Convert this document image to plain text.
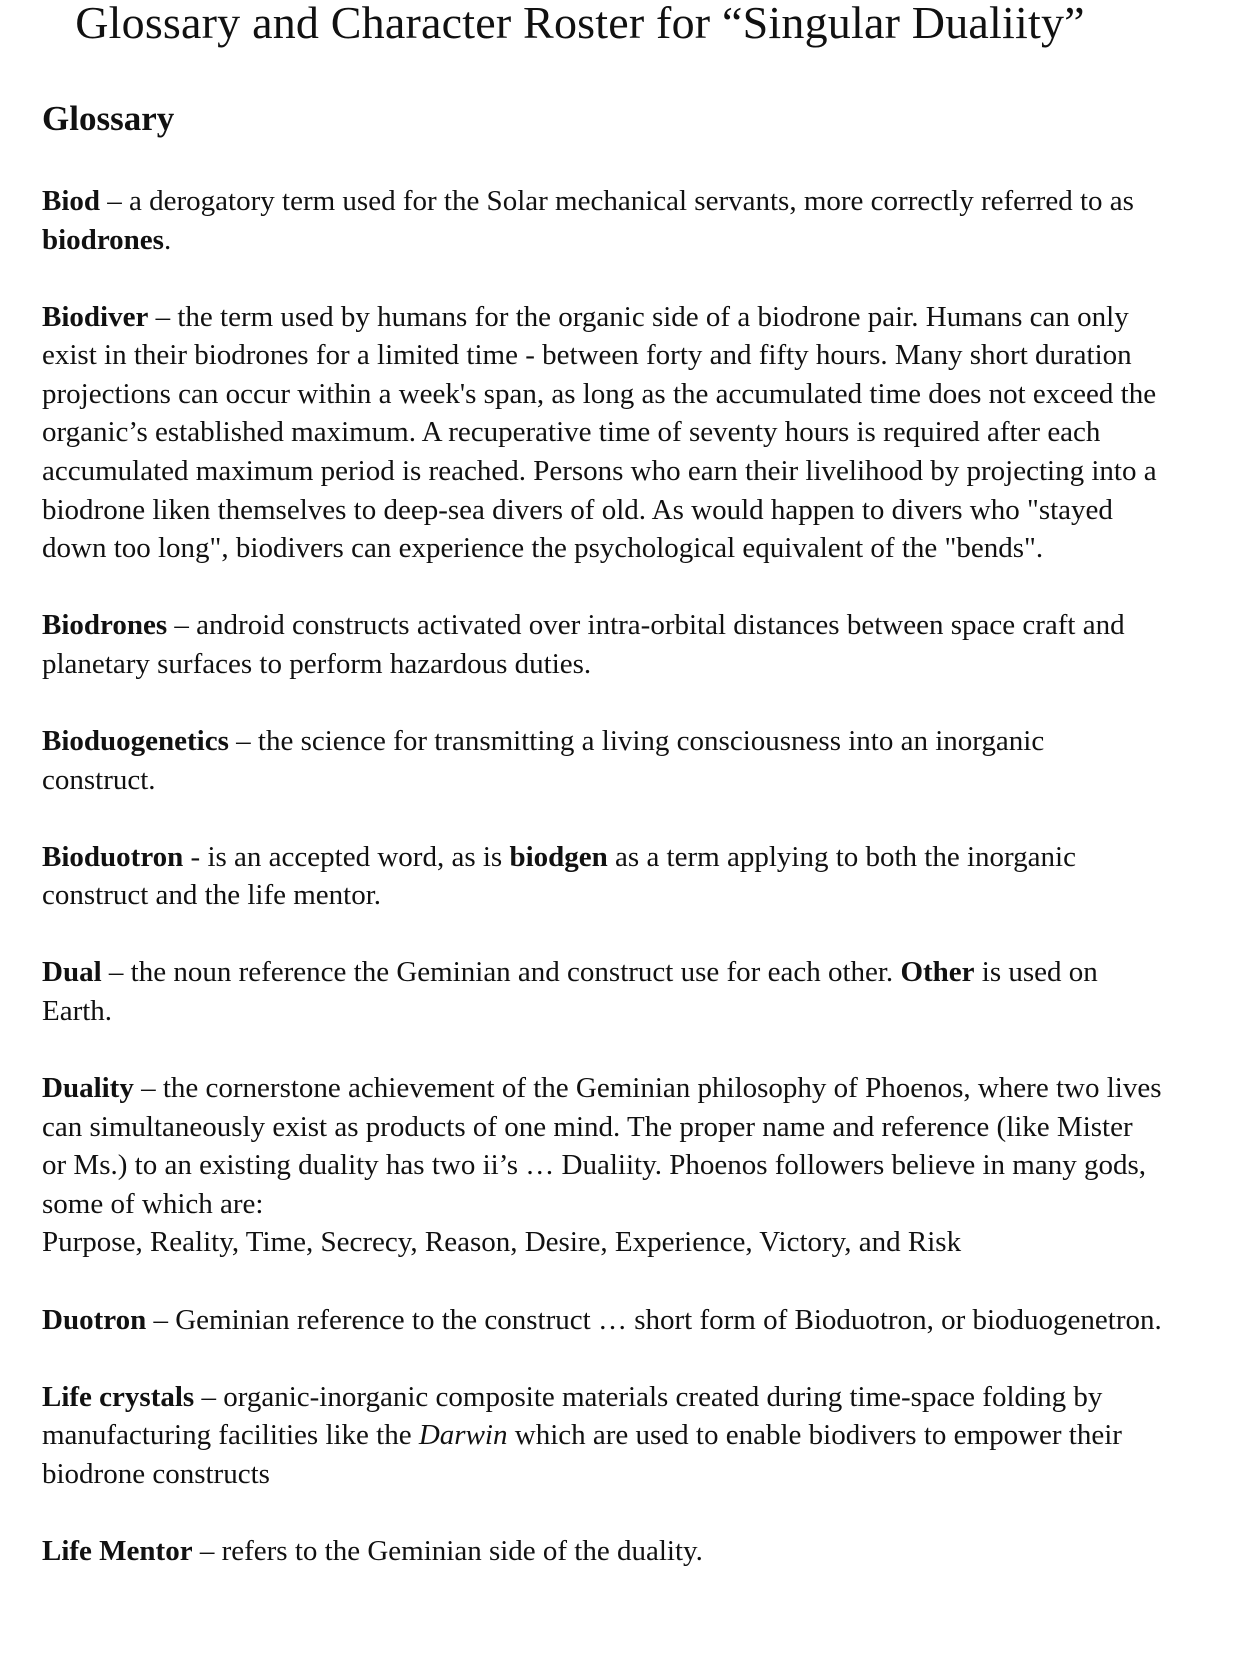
Glossary and Character Roster for “Singular Dualiity”
Glossary

Biod – a derogatory term used for the Solar mechanical servants, more correctly referred to as biodrones.

Biodiver – the term used by humans for the organic side of a biodrone pair. Humans can only exist in their biodrones for a limited time - between forty and fifty hours. Many short duration projections can occur within a week's span, as long as the accumulated time does not exceed the organic’s established maximum. A recuperative time of seventy hours is required after each accumulated maximum period is reached. Persons who earn their livelihood by projecting into a biodrone liken themselves to deep-sea divers of old. As would happen to divers who "stayed down too long", biodivers can experience the psychological equivalent of the "bends".

Biodrones – android constructs activated over intra-orbital distances between space craft and planetary surfaces to perform hazardous duties.

Bioduogenetics – the science for transmitting a living consciousness into an inorganic construct.

Bioduotron - is an accepted word, as is biodgen as a term applying to both the inorganic construct and the life mentor.

Dual – the noun reference the Geminian and construct use for each other. Other is used on Earth.

Duality – the cornerstone achievement of the Geminian philosophy of Phoenos, where two lives can simultaneously exist as products of one mind. The proper name and reference (like Mister or Ms.) to an existing duality has two ii’s … Dualiity. Phoenos followers believe in many gods, some of which are:
Purpose, Reality, Time, Secrecy, Reason, Desire, Experience, Victory, and Risk

Duotron – Geminian reference to the construct … short form of Bioduotron, or bioduogenetron.

Life crystals – organic-inorganic composite materials created during time-space folding by manufacturing facilities like the Darwin which are used to enable biodivers to empower their biodrone constructs

Life Mentor – refers to the Geminian side of the duality.
